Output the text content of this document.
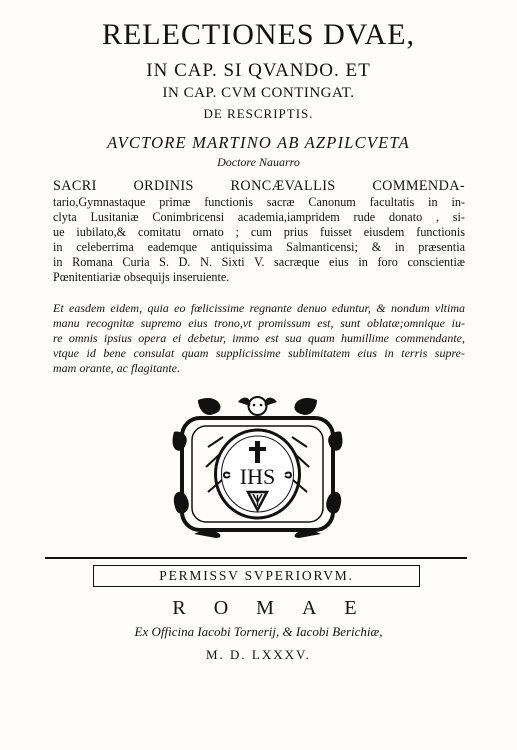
RELECTIONES DVAE,
IN CAP. SI QVANDO. ET
IN CAP. CVM CONTINGAT.
DE RESCRIPTIS.
AVCTORE MARTINO AB AZPILCVETA
Doctore Nauarro
SACRI ORDINIS RONCÆVALLIS COMMENDA-
tario,Gymnastaque primæ functionis sacræ Canonum facultatis in in-
clyta Lusitaniæ Conimbricensi academia,iampridem rude donato , si-
ue iubilato,& comitatu ornato ; cum prius fuisset eiusdem functionis
in celeberrima eademque antiquissima Salmanticensi; & in præsentia
in Romana Curia S. D. N. Sixti V. sacræque eius in foro conscientiæ
Pœnitentiariæ obsequijs inseruiente.
Et easdem eidem, quia eo fœlicissime regnante denuo eduntur, & nondum vltima
manu recognitæ supremo eius trono,vt promissum est, sunt oblatæ;omnique iu-
re omnis ipsius opera ei debetur, immo est sua quam humillime commendante,
vtque id bene consulat quam supplicissime sublimitatem eius in terris supre-
mam orante, ac flagitante.
IHS
PERMISSV SVPERIORVM.
ROMAE
Ex Officina Iacobi Tornerij, & Iacobi Berichiæ,
M. D. LXXXV.
